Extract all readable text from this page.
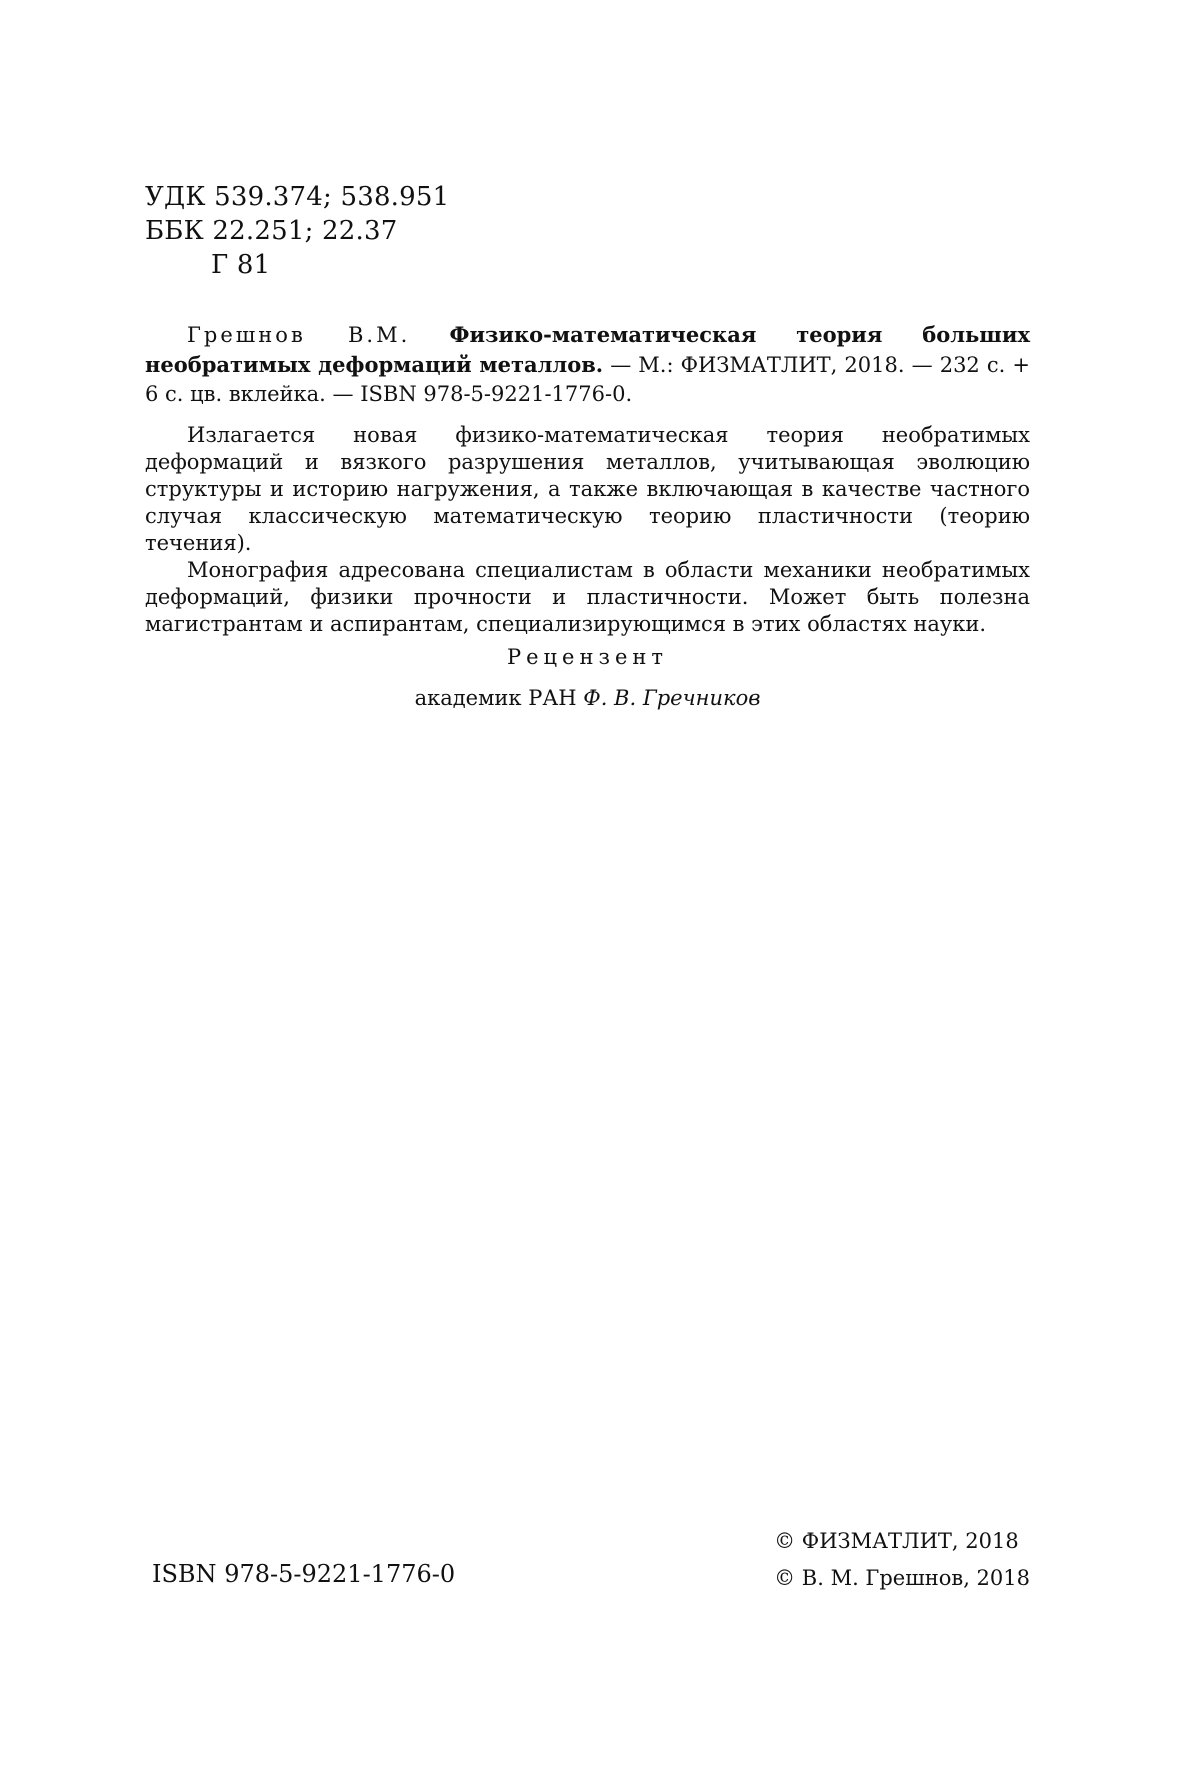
УДК 539.374; 538.951
ББК 22.251; 22.37
Г 81

Грешнов В.М. Физико-математическая теория больших необратимых деформаций металлов. — М.: ФИЗМАТЛИТ, 2018. — 232 с. + 6 с. цв. вклейка. — ISBN 978-5-9221-1776-0.

Излагается новая физико-математическая теория необратимых деформаций и вязкого разрушения металлов, учитывающая эволюцию структуры и историю нагружения, а также включающая в качестве частного случая классическую математическую теорию пластичности (теорию течения).

Монография адресована специалистам в области механики необратимых деформаций, физики прочности и пластичности. Может быть полезна магистрантам и аспирантам, специализирующимся в этих областях науки.

Рецензент
академик РАН Ф. В. Гречников
ISBN 978-5-9221-1776-0
© ФИЗМАТЛИТ, 2018
© В. М. Грешнов, 2018
